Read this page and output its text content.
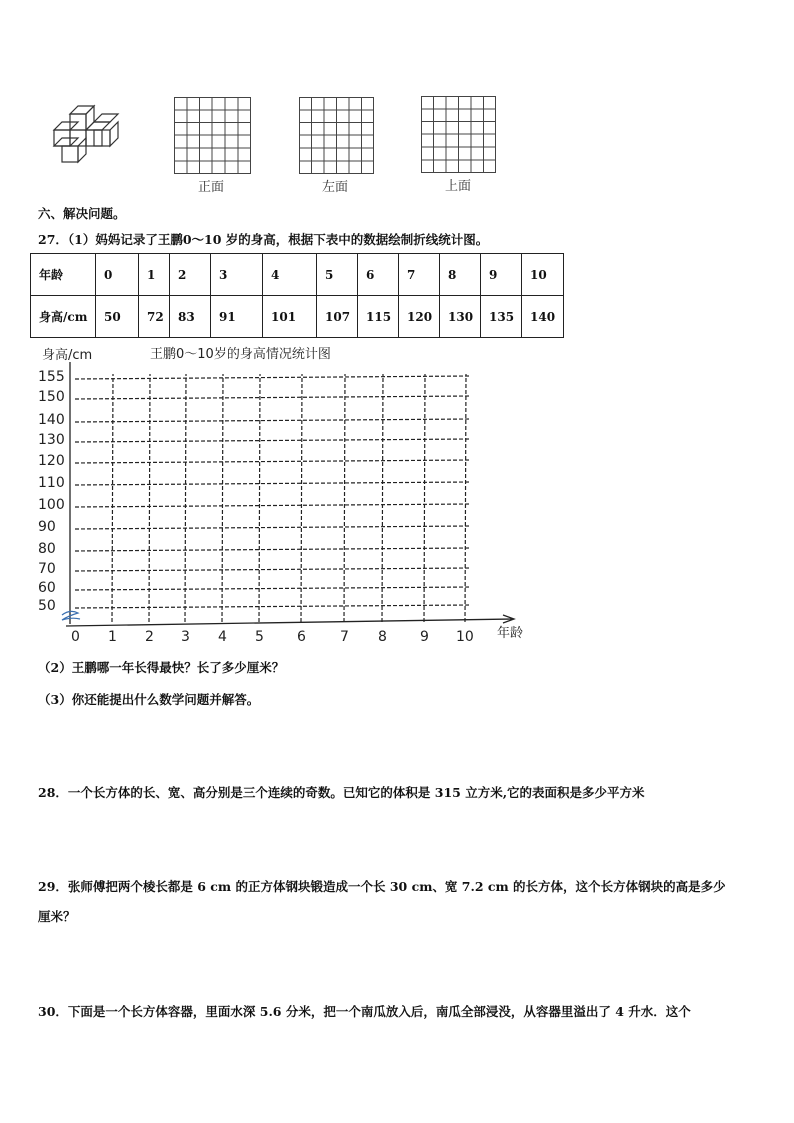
正面	左面	上面
六、解决问题。
27．（1）妈妈记录了王鹏0～10 岁的身高，根据下表中的数据绘制折线统计图。
年龄	0	1	2	3	4	5	6	7	8	9	10
身高/cm	50	72	83	91	101	107	115	120	130	135	140
身高/cm	王鹏0～10岁的身高情况统计图
50
60
70
80
90
100
110
120
130
140
150
155
0 1 2 3 4 5 6 7 8 9 10 年龄
（2）王鹏哪一年长得最快？长了多少厘米？
（3）你还能提出什么数学问题并解答。
28．一个长方体的长、宽、高分别是三个连续的奇数。已知它的体积是 315 立方米,它的表面积是多少平方米
29．张师傅把两个棱长都是 6 cm 的正方体钢块锻造成一个长 30 cm、宽 7.2 cm 的长方体，这个长方体钢块的高是多少
厘米？
30．下面是一个长方体容器，里面水深 5.6 分米，把一个南瓜放入后，南瓜全部浸没，从容器里溢出了 4 升水．这个
